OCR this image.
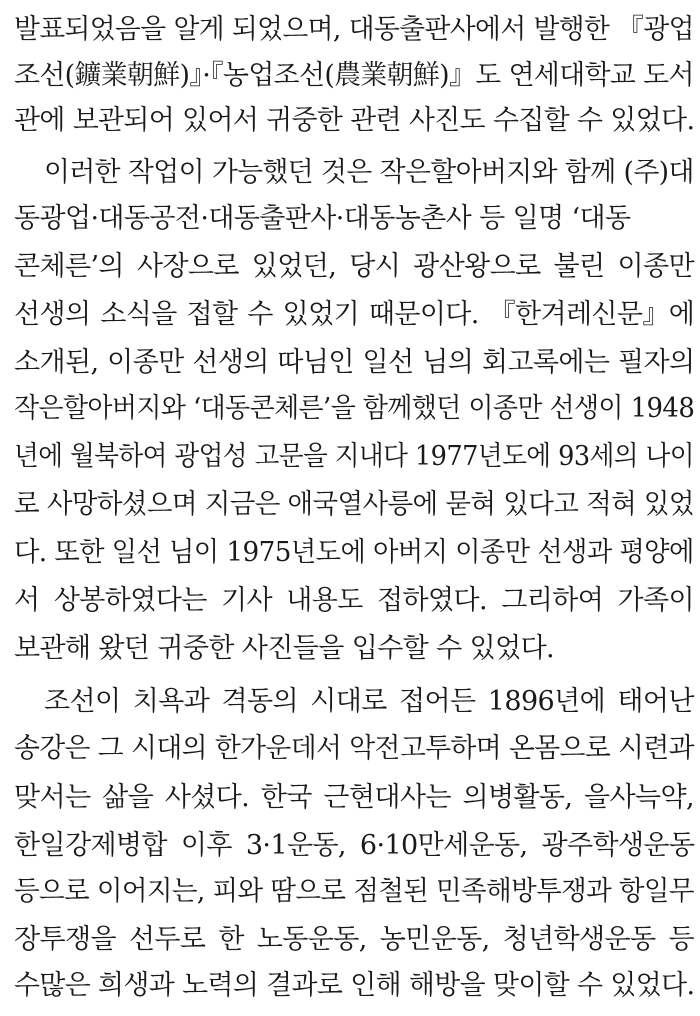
발표되었음을 알게 되었으며, 대동출판사에서 발행한 『광업
조선(鑛業朝鮮)』·『농업조선(農業朝鮮)』도 연세대학교 도서
관에 보관되어 있어서 귀중한 관련 사진도 수집할 수 있었다.
이러한 작업이 가능했던 것은 작은할아버지와 함께 (주)대
동광업·대동공전·대동출판사·대동농촌사 등 일명 ‘대동
콘체른’의 사장으로 있었던, 당시 광산왕으로 불린 이종만
선생의 소식을 접할 수 있었기 때문이다. 『한겨레신문』에
소개된, 이종만 선생의 따님인 일선 님의 회고록에는 필자의
작은할아버지와 ‘대동콘체른’을 함께했던 이종만 선생이 1948
년에 월북하여 광업성 고문을 지내다 1977년도에 93세의 나이
로 사망하셨으며 지금은 애국열사릉에 묻혀 있다고 적혀 있었
다. 또한 일선 님이 1975년도에 아버지 이종만 선생과 평양에
서 상봉하였다는 기사 내용도 접하였다. 그리하여 가족이
보관해 왔던 귀중한 사진들을 입수할 수 있었다.
조선이 치욕과 격동의 시대로 접어든 1896년에 태어난
송강은 그 시대의 한가운데서 악전고투하며 온몸으로 시련과
맞서는 삶을 사셨다. 한국 근현대사는 의병활동, 을사늑약,
한일강제병합 이후 3·1운동, 6·10만세운동, 광주학생운동
등으로 이어지는, 피와 땀으로 점철된 민족해방투쟁과 항일무
장투쟁을 선두로 한 노동운동, 농민운동, 청년학생운동 등
수많은 희생과 노력의 결과로 인해 해방을 맞이할 수 있었다.
